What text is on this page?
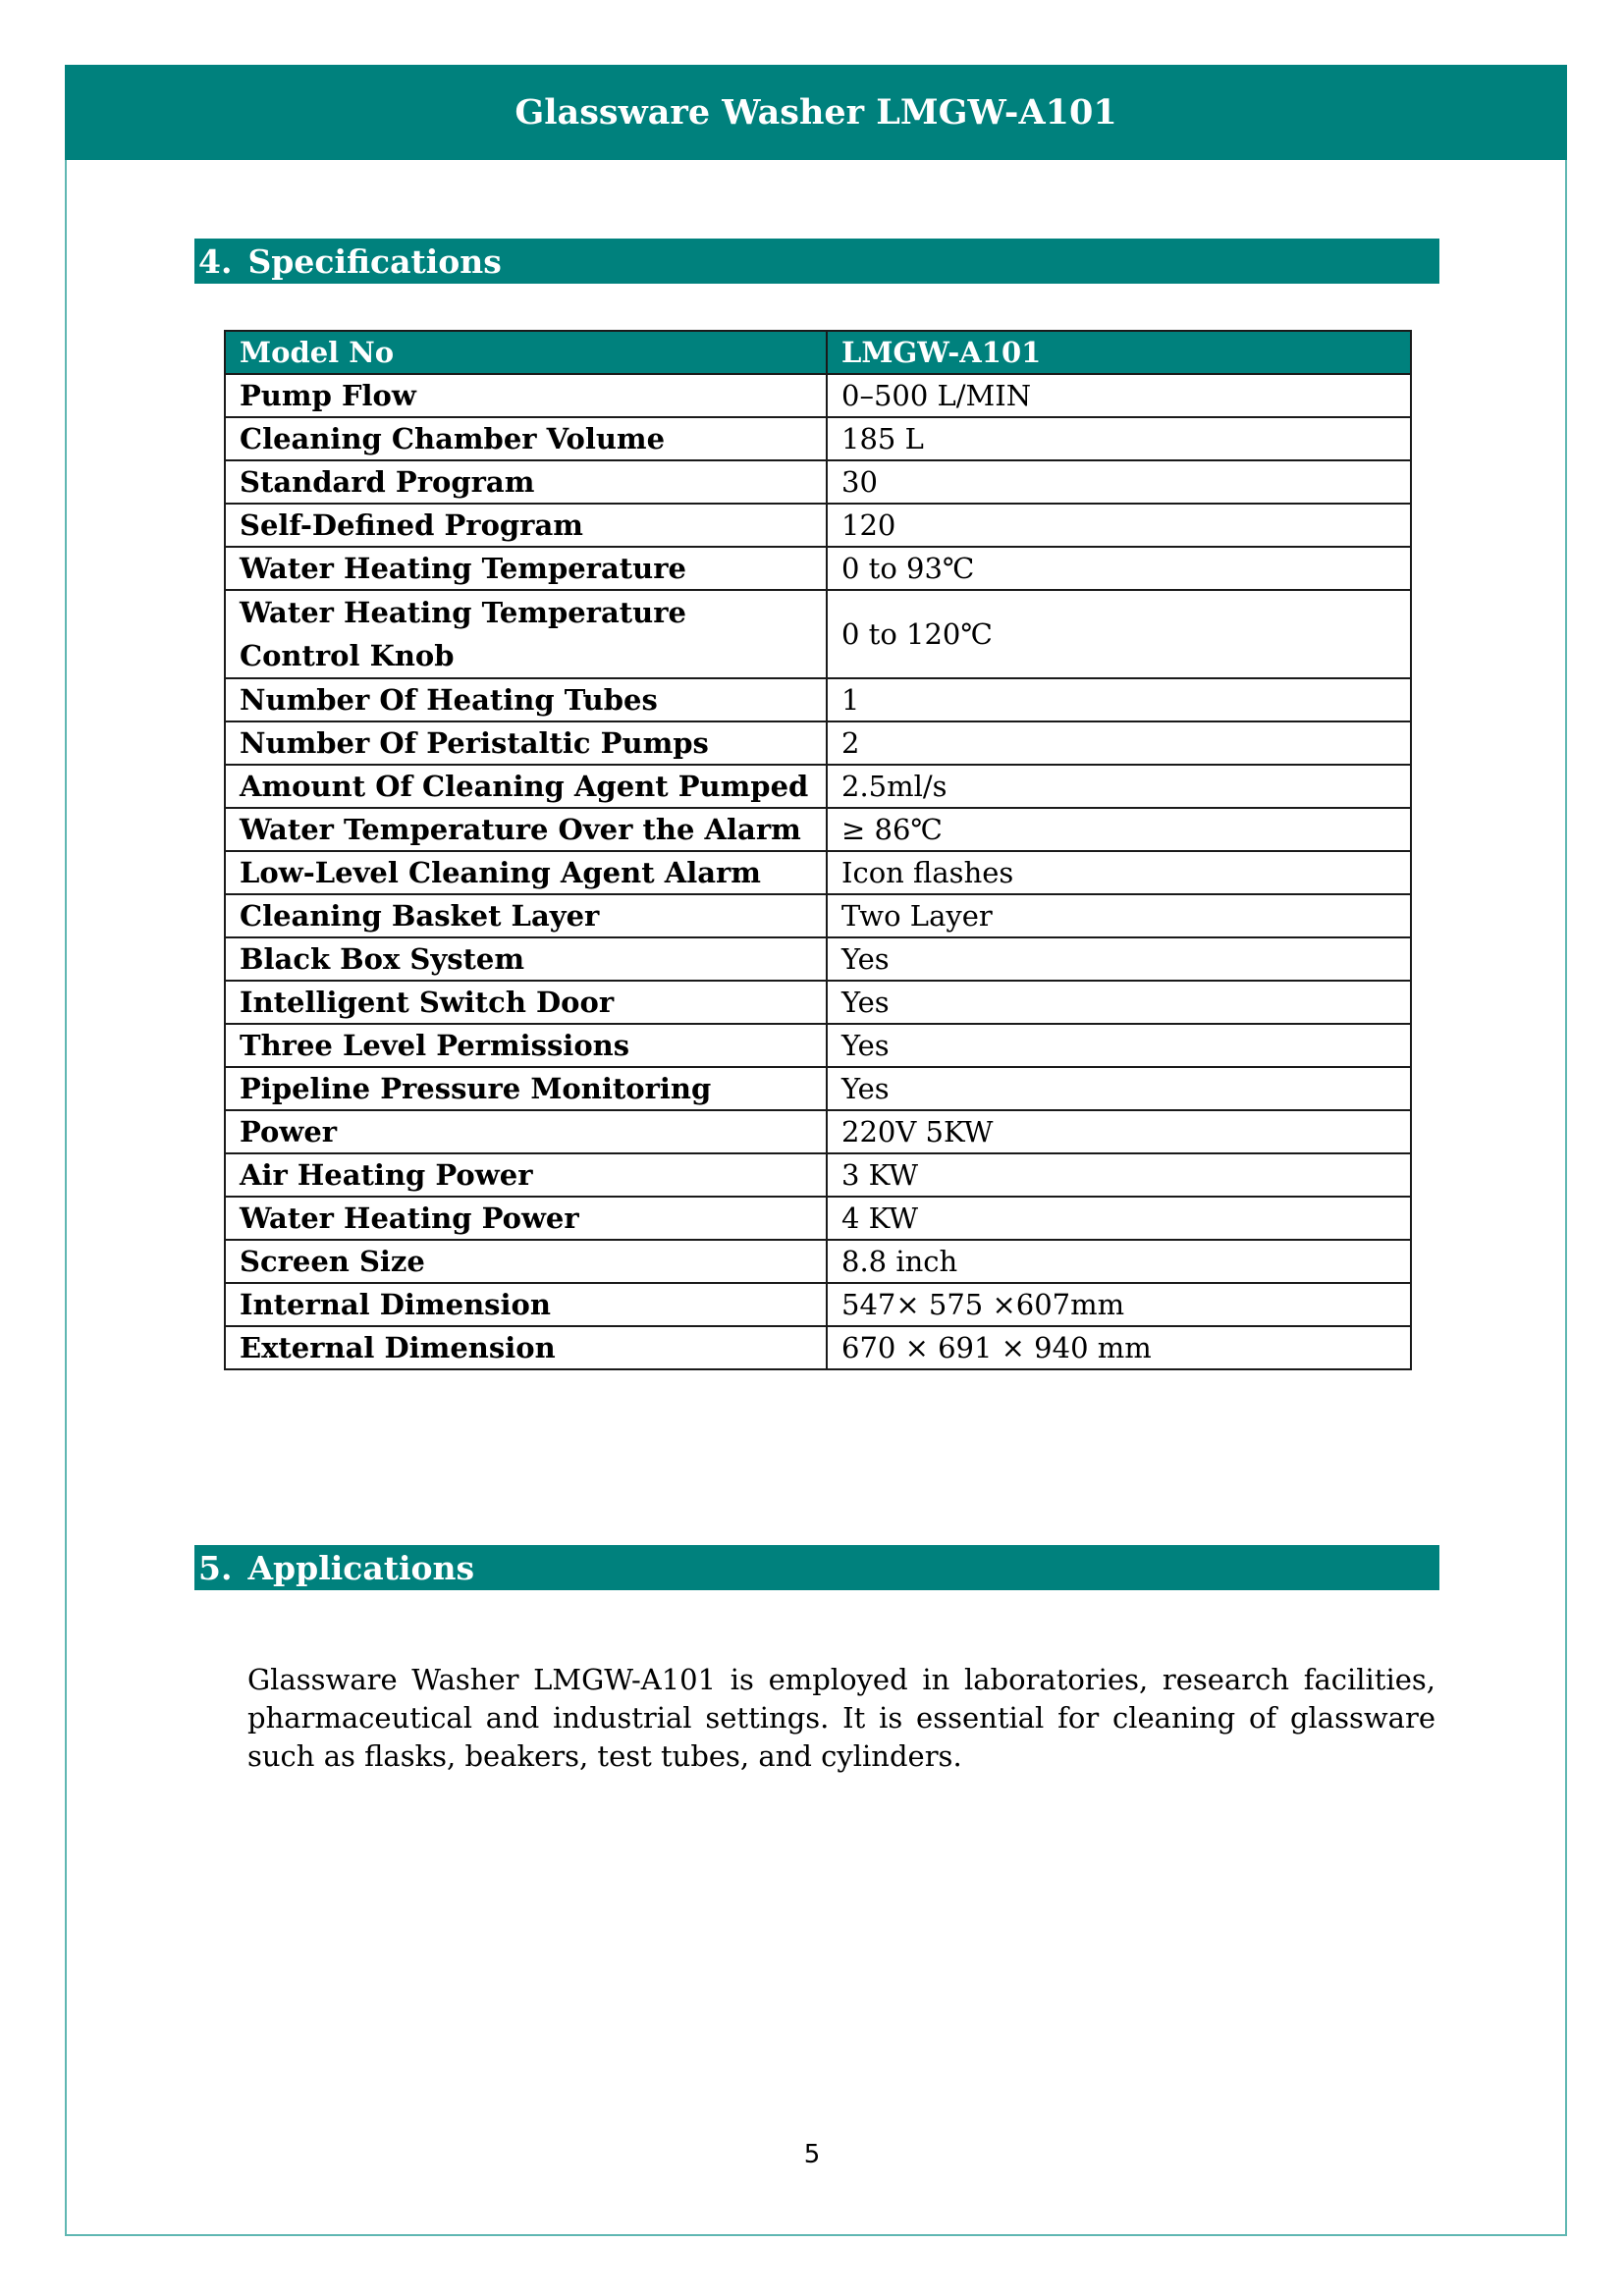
Glassware Washer LMGW-A101
4. Specifications
Model No	LMGW-A101
Pump Flow	0–500 L/MIN
Cleaning Chamber Volume	185 L
Standard Program	30
Self-Defined Program	120
Water Heating Temperature	0 to 93℃
Water Heating Temperature Control Knob	0 to 120℃
Number Of Heating Tubes	1
Number Of Peristaltic Pumps	2
Amount Of Cleaning Agent Pumped	2.5ml/s
Water Temperature Over the Alarm	≥ 86℃
Low-Level Cleaning Agent Alarm	Icon flashes
Cleaning Basket Layer	Two Layer
Black Box System	Yes
Intelligent Switch Door	Yes
Three Level Permissions	Yes
Pipeline Pressure Monitoring	Yes
Power	220V 5KW
Air Heating Power	3 KW
Water Heating Power	4 KW
Screen Size	8.8 inch
Internal Dimension	547× 575 ×607mm
External Dimension	670 × 691 × 940 mm
5. Applications

Glassware Washer LMGW-A101 is employed in laboratories, research facilities, pharmaceutical and industrial settings. It is essential for cleaning of glassware such as flasks, beakers, test tubes, and cylinders.

5
